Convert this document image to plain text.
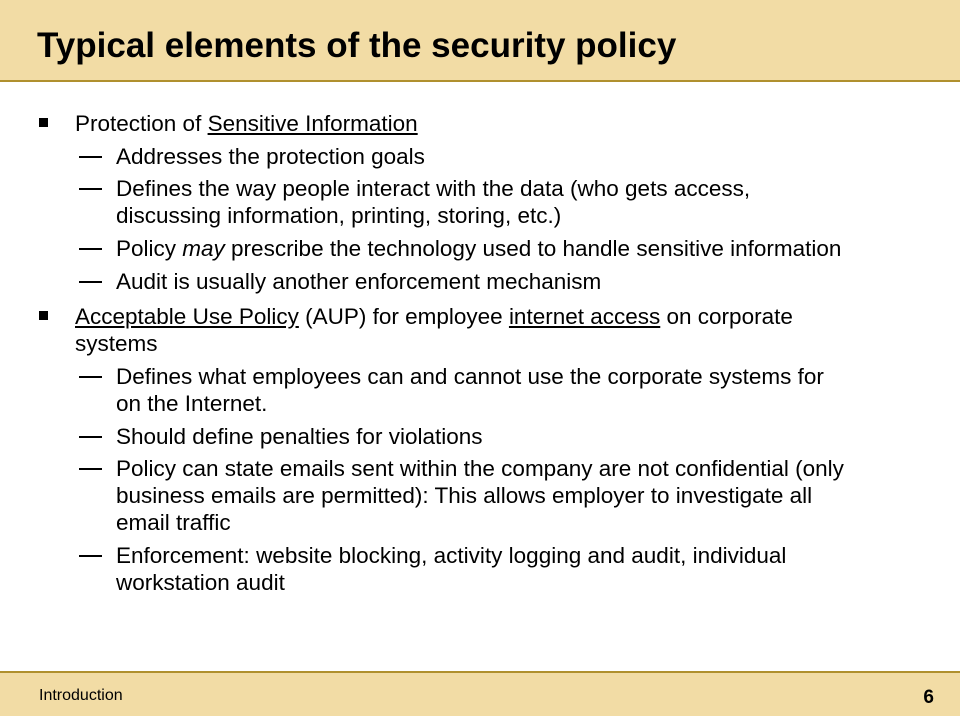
Typical elements of the security policy
Protection of Sensitive Information
Addresses the protection goals
Defines the way people interact with the data (who gets access,
discussing information, printing, storing, etc.)
Policy may prescribe the technology used to handle sensitive information
Audit is usually another enforcement mechanism
Acceptable Use Policy (AUP) for employee internet access on corporate
systems
Defines what employees can and cannot use the corporate systems for
on the Internet.
Should define penalties for violations
Policy can state emails sent within the company are not confidential (only
business emails are permitted): This allows employer to investigate all
email traffic
Enforcement: website blocking, activity logging and audit, individual
workstation audit
Introduction	6
